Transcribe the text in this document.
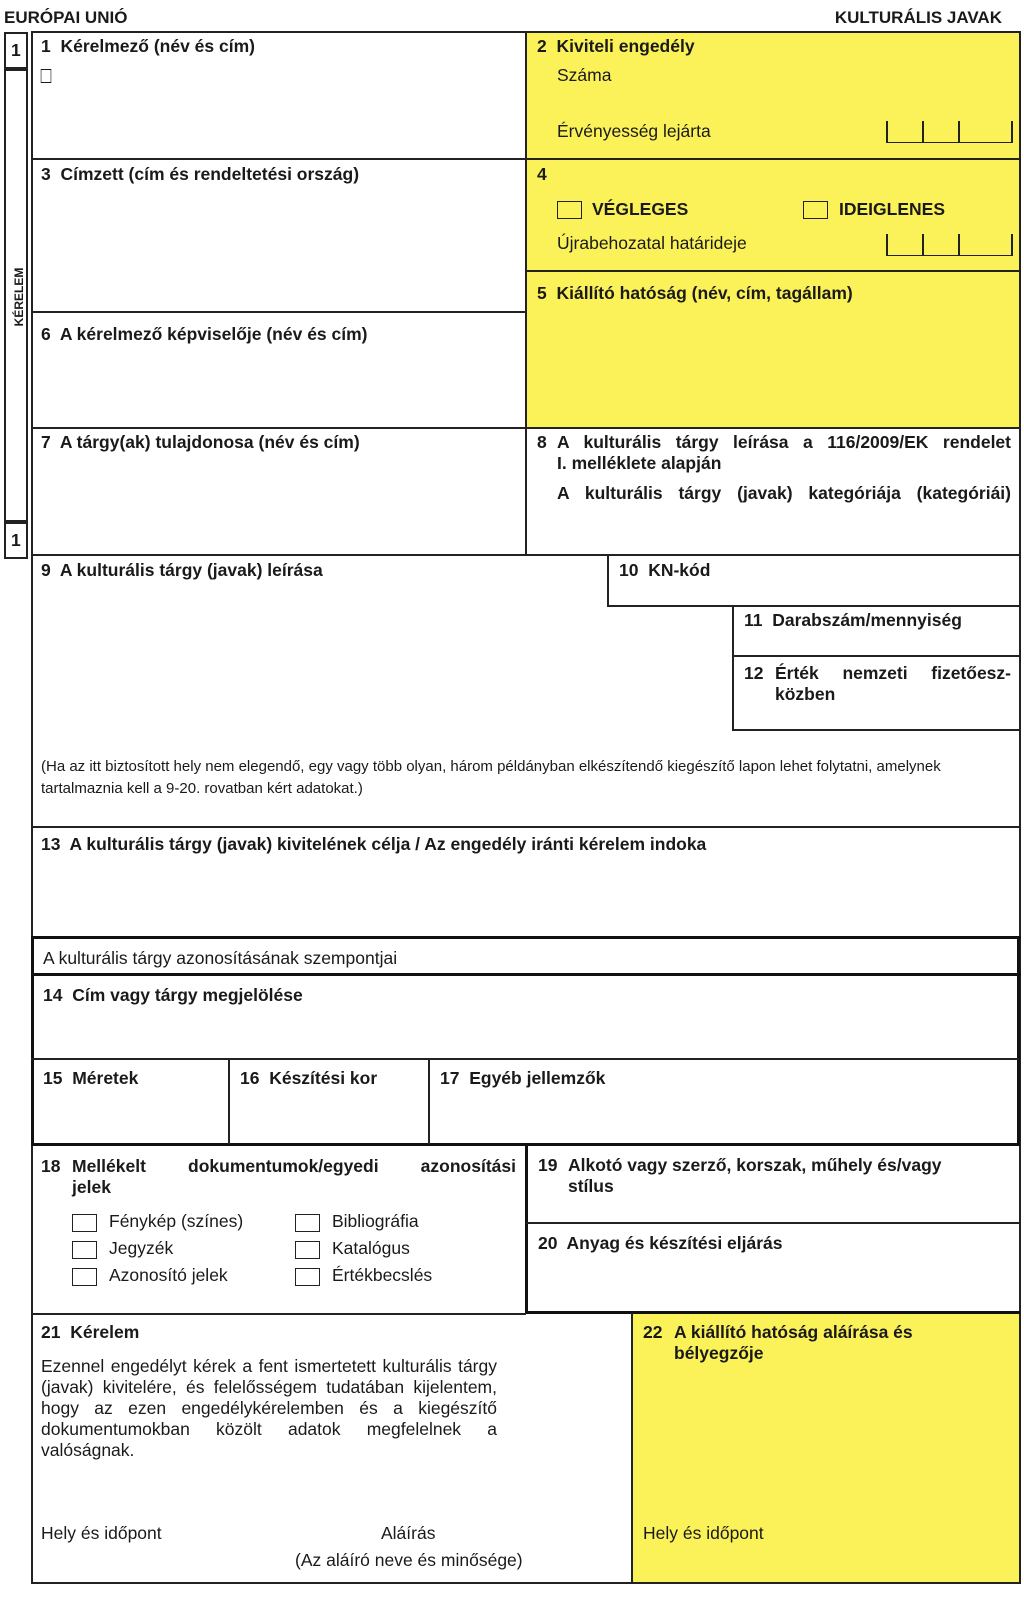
EURÓPAI UNIÓ	KULTURÁLIS JAVAK
1
1
KÉRELEM
1 Kérelmező (név és cím)
⎕
2 Kiviteli engedély
Száma
Érvényesség lejárta
3 Címzett (cím és rendeltetési ország)	4
VÉGLEGES	IDEIGLENES
Újrabehozatal határideje
5 Kiállító hatóság (név, cím, tagállam)
6 A kérelmező képviselője (név és cím)
7 A tárgy(ak) tulajdonosa (név és cím)	8 A kulturális tárgy leírása a 116/2009/EK rendelet
I. melléklete alapján
A kulturális tárgy (javak) kategóriája (kategóriái)
9 A kulturális tárgy (javak) leírása	10 KN-kód
11 Darabszám/mennyiség
12 Érték nemzeti fizetőesz-
közben
(Ha az itt biztosított hely nem elegendő, egy vagy több olyan, három példányban elkészítendő kiegészítő lapon lehet folytatni, amelynek tartalmaznia kell a 9-20. rovatban kért adatokat.)
13 A kulturális tárgy (javak) kivitelének célja / Az engedély iránti kérelem indoka
A kulturális tárgy azonosításának szempontjai
14 Cím vagy tárgy megjelölése
15 Méretek	16 Készítési kor	17 Egyéb jellemzők
18 Mellékelt dokumentumok/egyedi azonosítási
jelek
Fénykép (színes)
Jegyzék
Azonosító jelek
Bibliográfia
Katalógus
Értékbecslés
19 Alkotó vagy szerző, korszak, műhely és/vagy
stílus
20 Anyag és készítési eljárás
21 Kérelem
Ezennel engedélyt kérek a fent ismertetett kulturális tárgy (javak) kivitelére, és felelősségem tudatában kijelentem, hogy az ezen engedélykérelemben és a kiegészítő dokumentumokban közölt adatok megfelelnek a valóságnak.
Hely és időpont	Aláírás
(Az aláíró neve és minősége)
22 A kiállító hatóság aláírása és
bélyegzője
Hely és időpont
